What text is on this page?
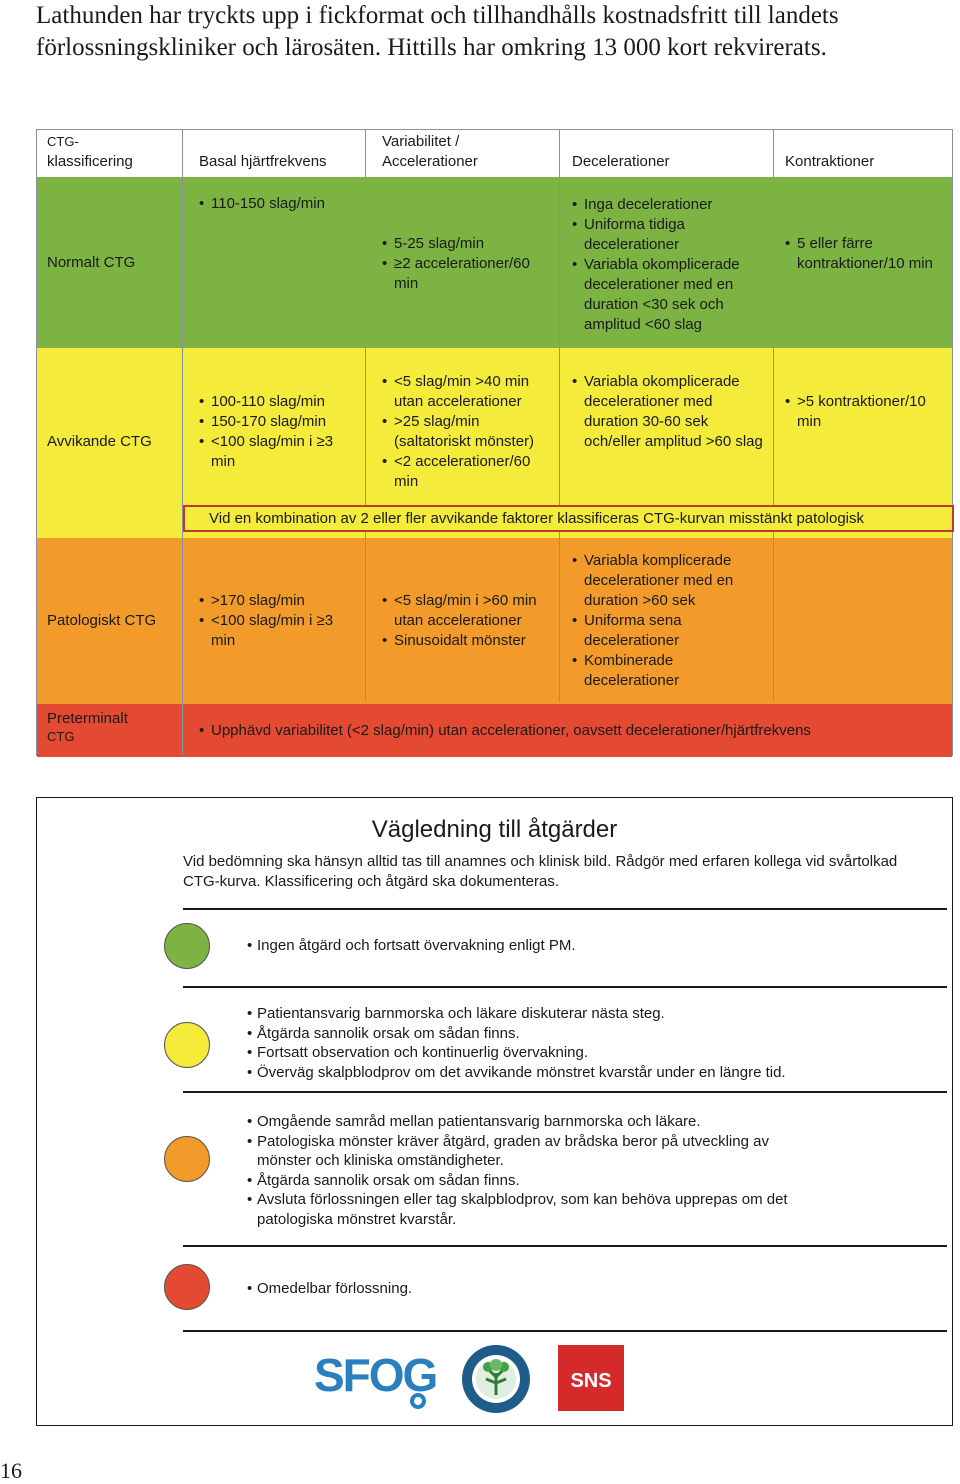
Lathunden har tryckts upp i fickformat och tillhandhålls kostnadsfritt till landets
förlossningskliniker och lärosäten. Hittills har omkring 13 000 kort rekvirerats.
CTG-
klassificering	Basal hjärtfrekvens
Variabilitet /
Accelerationer	Decelerationer	Kontraktioner
Normalt CTG
• 110-150 slag/min
• 5-25 slag/min
• ≥2 accelerationer/60 min
• Inga decelerationer
• Uniforma tidiga decelerationer
• Variabla okomplicerade decelerationer med en duration <30 sek och amplitud <60 slag
• 5 eller färre kontraktioner/10 min
Avvikande CTG
• 100-110 slag/min
• 150-170 slag/min
• <100 slag/min i ≥3 min
• <5 slag/min >40 min utan accelerationer
• >25 slag/min (saltatoriskt mönster)
• <2 accelerationer/60 min
• Variabla okomplicerade decelerationer med duration 30-60 sek och/eller amplitud >60 slag
• >5 kontraktioner/10 min
Patologiskt CTG
• >170 slag/min
• <100 slag/min i ≥3 min
• <5 slag/min i >60 min utan accelerationer
• Sinusoidalt mönster
• Variabla komplicerade decelerationer med en duration >60 sek
• Uniforma sena decelerationer
• Kombinerade decelerationer
Preterminalt
CTG
•	Upphävd variabilitet (<2 slag/min) utan accelerationer, oavsett decelerationer/hjärtfrekvens
Vid en kombination av 2 eller fler avvikande faktorer klassificeras CTG-kurvan misstänkt patologisk
Vägledning till åtgärder
Vid bedömning ska hänsyn alltid tas till anamnes och klinisk bild. Rådgör med erfaren kollega vid svårtolkad CTG-kurva. Klassificering och åtgärd ska dokumenteras.
• Ingen åtgärd och fortsatt övervakning enligt PM.
• Patientansvarig barnmorska och läkare diskuterar nästa steg.
• Åtgärda sannolik orsak om sådan finns.
• Fortsatt observation och kontinuerlig övervakning.
• Överväg skalpblodprov om det avvikande mönstret kvarstår under en längre tid.
• Omgående samråd mellan patientansvarig barnmorska och läkare.
• Patologiska mönster kräver åtgärd, graden av brådska beror på utveckling av mönster och kliniska omständigheter.
• Åtgärda sannolik orsak om sådan finns.
• Avsluta förlossningen eller tag skalpblodprov, som kan behöva upprepas om det patologiska mönstret kvarstår.
• Omedelbar förlossning.
SFOG	SNS
16
